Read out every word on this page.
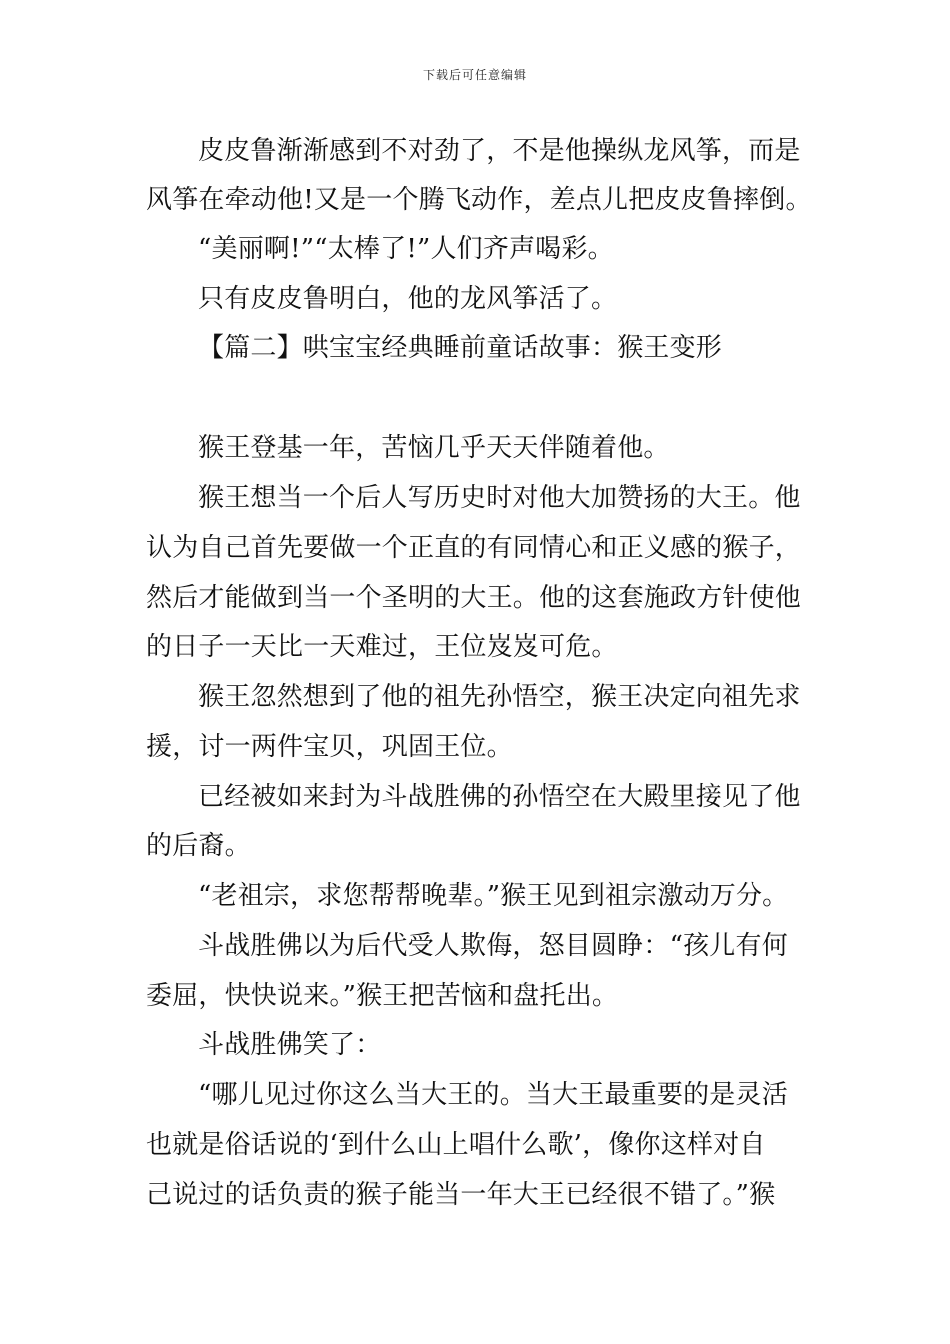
下载后可任意编辑
皮皮鲁渐渐感到不对劲了，不是他操纵龙风筝，而是
风筝在牵动他!又是一个腾飞动作，差点儿把皮皮鲁摔倒。
“美丽啊!”“太棒了!”人们齐声喝彩。
只有皮皮鲁明白，他的龙风筝活了。
【篇二】哄宝宝经典睡前童话故事：猴王变形
猴王登基一年，苦恼几乎天天伴随着他。
猴王想当一个后人写历史时对他大加赞扬的大王。他
认为自己首先要做一个正直的有同情心和正义感的猴子，
然后才能做到当一个圣明的大王。他的这套施政方针使他
的日子一天比一天难过，王位岌岌可危。
猴王忽然想到了他的祖先孙悟空，猴王决定向祖先求
援，讨一两件宝贝，巩固王位。
已经被如来封为斗战胜佛的孙悟空在大殿里接见了他
的后裔。
“老祖宗，求您帮帮晚辈。”猴王见到祖宗激动万分。
斗战胜佛以为后代受人欺侮，怒目圆睁：“孩儿有何
委屈，快快说来。”猴王把苦恼和盘托出。
斗战胜佛笑了：
“哪儿见过你这么当大王的。当大王最重要的是灵活
也就是俗话说的‘到什么山上唱什么歌’，像你这样对自
己说过的话负责的猴子能当一年大王已经很不错了。”猴
